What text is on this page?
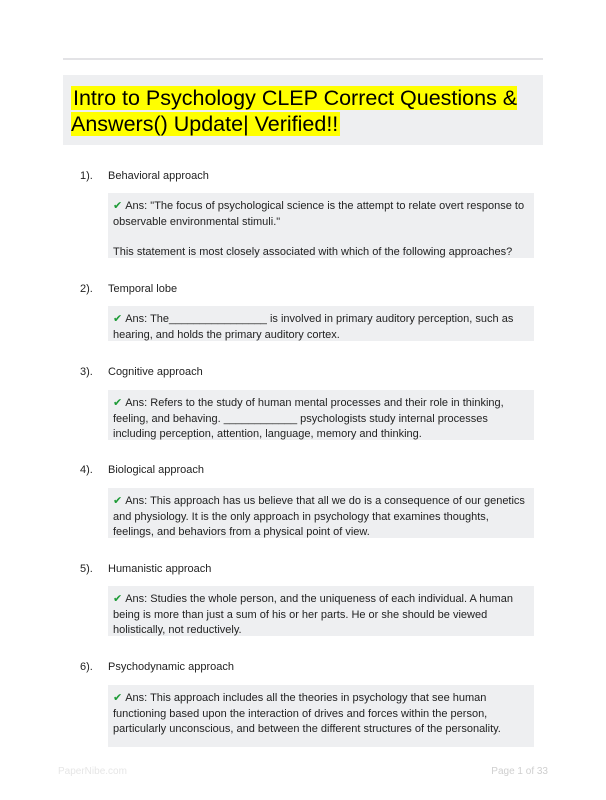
Intro to Psychology CLEP Correct Questions & Answers() Update| Verified!!
1). Behavioral approach

✔ Ans: "The focus of psychological science is the attempt to relate overt response to observable environmental stimuli."

This statement is most closely associated with which of the following approaches?

2). Temporal lobe

✔ Ans: The________________ is involved in primary auditory perception, such as hearing, and holds the primary auditory cortex.

3). Cognitive approach

✔ Ans: Refers to the study of human mental processes and their role in thinking, feeling, and behaving. ____________ psychologists study internal processes including perception, attention, language, memory and thinking.

4). Biological approach

✔ Ans: This approach has us believe that all we do is a consequence of our genetics and physiology. It is the only approach in psychology that examines thoughts, feelings, and behaviors from a physical point of view.

5). Humanistic approach

✔ Ans: Studies the whole person, and the uniqueness of each individual. A human being is more than just a sum of his or her parts. He or she should be viewed holistically, not reductively.

6). Psychodynamic approach

✔ Ans: This approach includes all the theories in psychology that see human functioning based upon the interaction of drives and forces within the person, particularly unconscious, and between the different structures of the personality.

PaperNibe.com	Page 1 of 33
